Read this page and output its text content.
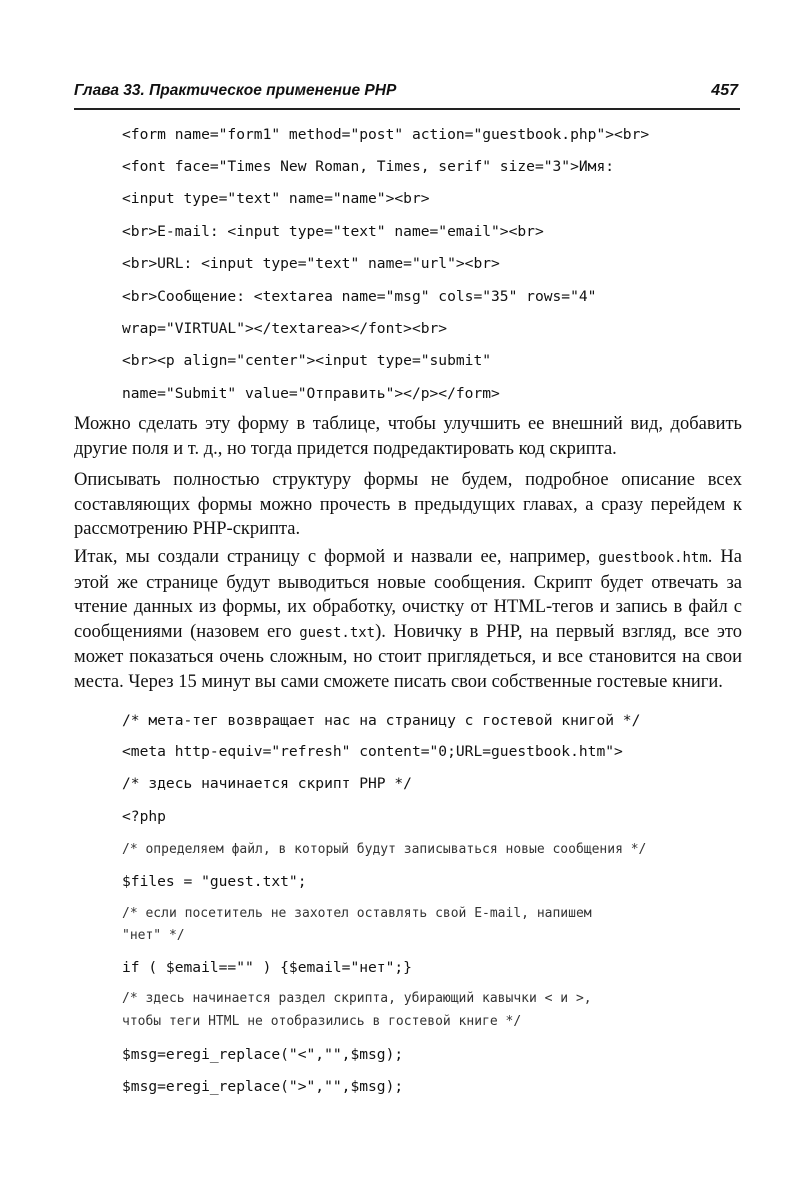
Глава 33. Практическое применение PHP	457
<form name="form1" method="post" action="guestbook.php"><br>
<font face="Times New Roman, Times, serif" size="3">Имя:
<input type="text" name="name"><br>
<br>E-mail: <input type="text" name="email"><br>
<br>URL: <input type="text" name="url"><br>
<br>Сообщение: <textarea name="msg" cols="35" rows="4"
wrap="VIRTUAL"></textarea></font><br>
<br><p align="center"><input type="submit"
name="Submit" value="Отправить"></p></form>
Можно сделать эту форму в таблице, чтобы улучшить ее внешний вид, добавить другие поля и т. д., но тогда придется подредактировать код скрипта.
Описывать полностью структуру формы не будем, подробное описание всех составляющих формы можно прочесть в предыдущих главах, а сразу перейдем к рассмотрению PHP-скрипта.
Итак, мы создали страницу с формой и назвали ее, например, guestbook.htm. На этой же странице будут выводиться новые сообщения. Скрипт будет отвечать за чтение данных из формы, их обработку, очистку от HTML-тегов и запись в файл с сообщениями (назовем его guest.txt). Новичку в PHP, на первый взгляд, все это может показаться очень сложным, но стоит приглядеться, и все становится на свои места. Через 15 минут вы сами сможете писать свои собственные гостевые книги.
/* мета-тег возвращает нас на страницу с гостевой книгой */
<meta http-equiv="refresh" content="0;URL=guestbook.htm">
/* здесь начинается скрипт PHP */
<?php
/* определяем файл, в который будут записываться новые сообщения */
$files = "guest.txt";
/* если посетитель не захотел оставлять свой E-mail, напишем
"нет" */
if ( $email=="" ) {$email="нет";}
/* здесь начинается раздел скрипта, убирающий кавычки < и >,
чтобы теги HTML не отобразились в гостевой книге */
$msg=eregi_replace("<","",$msg);
$msg=eregi_replace(">","",$msg);
